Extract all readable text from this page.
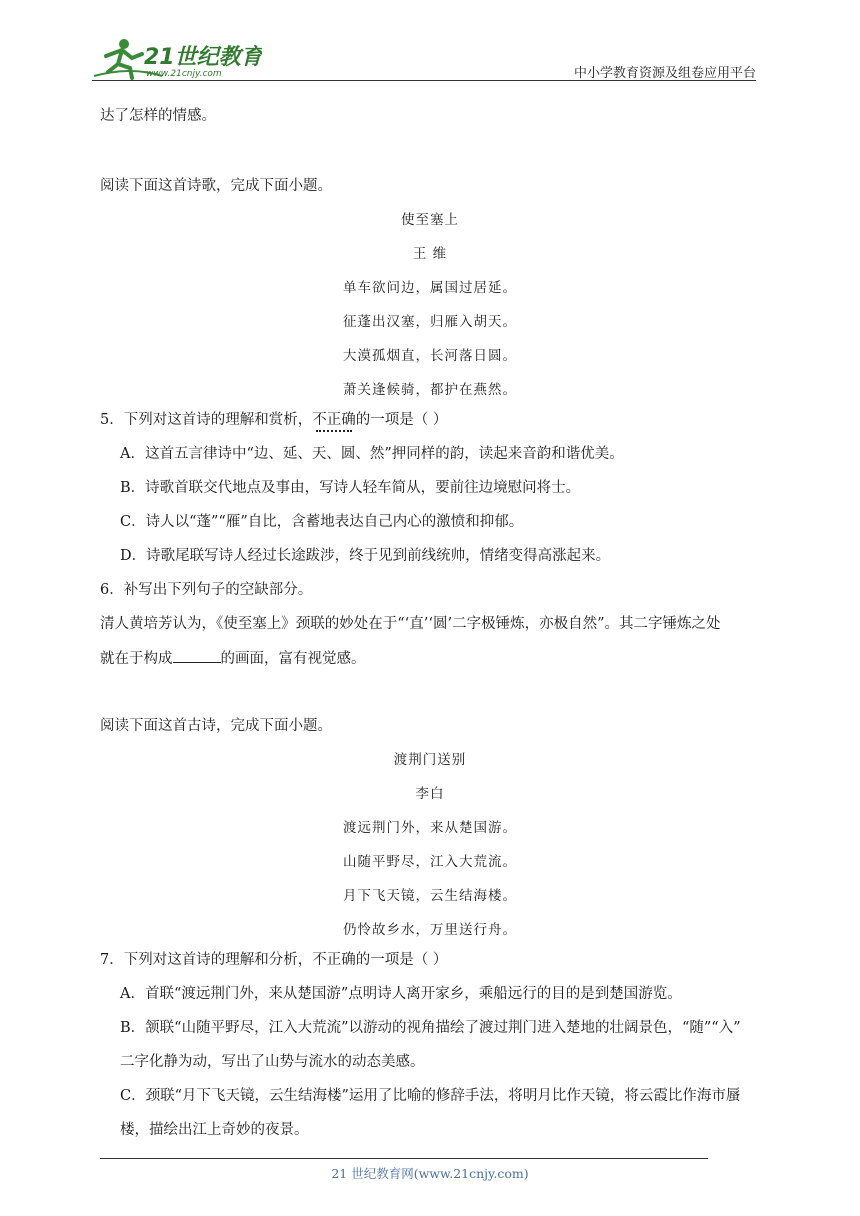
21世纪教育
www.21cnjy.com	中小学教育资源及组卷应用平台
达了怎样的情感。
阅读下面这首诗歌，完成下面小题。
使至塞上
王 维
单车欲问边，属国过居延。
征蓬出汉塞，归雁入胡天。
大漠孤烟直，长河落日圆。
萧关逢候骑，都护在燕然。
5．下列对这首诗的理解和赏析，不正确的一项是（ ）
A．这首五言律诗中“边、延、天、圆、然”押同样的韵，读起来音韵和谐优美。
B．诗歌首联交代地点及事由，写诗人轻车简从，要前往边境慰问将士。
C．诗人以“蓬”“雁”自比，含蓄地表达自己内心的激愤和抑郁。
D．诗歌尾联写诗人经过长途跋涉，终于见到前线统帅，情绪变得高涨起来。
6．补写出下列句子的空缺部分。
清人黄培芳认为，《使至塞上》颈联的妙处在于“‘直’‘圆’二字极锤炼，亦极自然”。其二字锤炼之处
就在于构成	的画面，富有视觉感。
阅读下面这首古诗，完成下面小题。
渡荆门送别
李白
渡远荆门外，来从楚国游。
山随平野尽，江入大荒流。
月下飞天镜，云生结海楼。
仍怜故乡水，万里送行舟。
7．下列对这首诗的理解和分析，不正确的一项是（ ）
A．首联“渡远荆门外，来从楚国游”点明诗人离开家乡，乘船远行的目的是到楚国游览。
B．颔联“山随平野尽，江入大荒流”以游动的视角描绘了渡过荆门进入楚地的壮阔景色，“随”“入”
二字化静为动，写出了山势与流水的动态美感。
C．颈联“月下飞天镜，云生结海楼”运用了比喻的修辞手法，将明月比作天镜，将云霞比作海市蜃
楼，描绘出江上奇妙的夜景。
21 世纪教育网(www.21cnjy.com)
